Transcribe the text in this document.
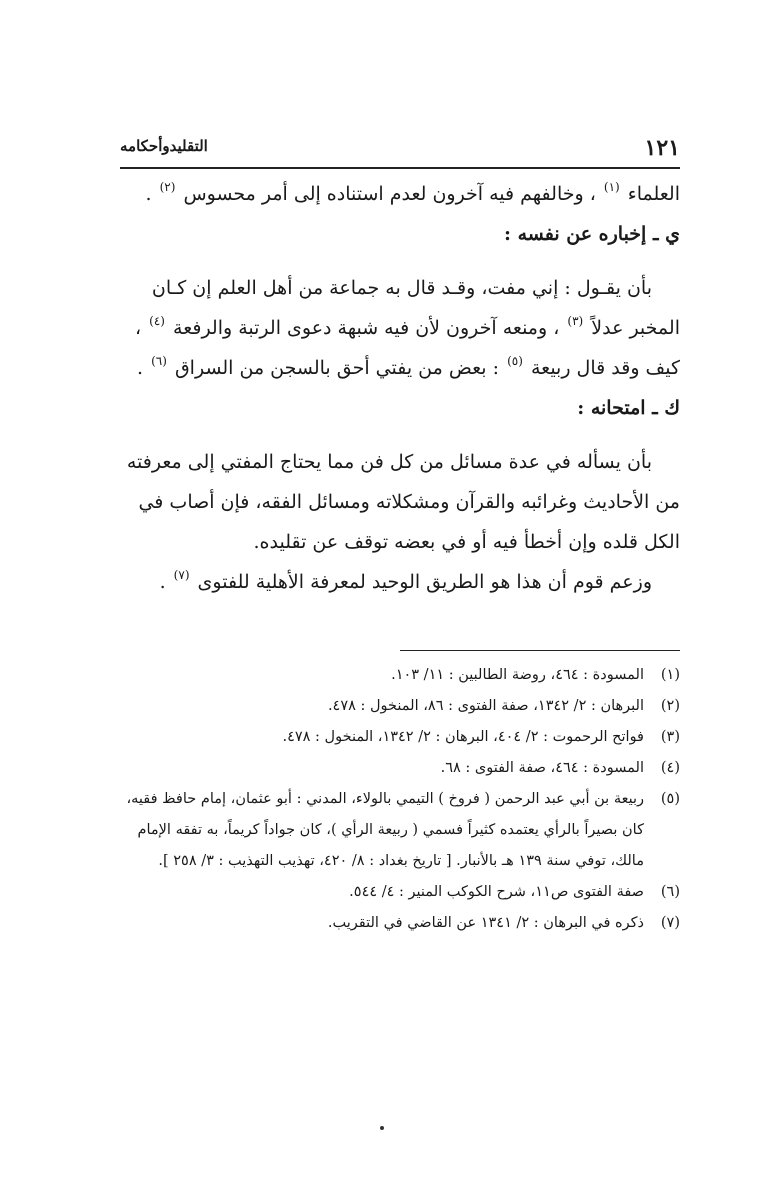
١٢١
التقليدوأحكامه
العلماء $^{(١)}$ ، وخالفهم فيه آخرون لعدم استناده إلى أمر محسوس $^{(٢)}$ .
ي ـ إخباره عن نفسه :
بأن يقـول : إني مفت، وقـد قال به جماعة من أهل العلم إن كـان
المخبر عدلاً $^{(٣)}$ ، ومنعه آخرون لأن فيه شبهة دعوى الرتبة والرفعة $^{(٤)}$ ،
كيف وقد قال ربيعة $^{(٥)}$ : بعض من يفتي أحق بالسجن من السراق $^{(٦)}$ .
ك ـ امتحانه :
بأن يسأله في عدة مسائل من كل فن مما يحتاج المفتي إلى معرفته
من الأحاديث وغرائبه والقرآن ومشكلاته ومسائل الفقه، فإن أصاب في
الكل قلده وإن أخطأ فيه أو في بعضه توقف عن تقليده.
وزعم قوم أن هذا هو الطريق الوحيد لمعرفة الأهلية للفتوى $^{(٧)}$ .
(١)
المسودة : ٤٦٤، روضة الطالبين : ١١/ ١٠٣.
(٢)
البرهان : ٢/ ١٣٤٢، صفة الفتوى : ٨٦، المنخول : ٤٧٨.
(٣)
فواتح الرحموت : ٢/ ٤٠٤، البرهان : ٢/ ١٣٤٢، المنخول : ٤٧٨.
(٤)
المسودة : ٤٦٤، صفة الفتوى : ٦٨.
(٥)
ربيعة بن أبي عبد الرحمن ( فروخ ) التيمي بالولاء، المدني : أبو عثمان، إمام حافظ فقيه، كان بصيراً بالرأي يعتمده كثيراً فسمي ( ربيعة الرأي )، كان جواداً كريماً، به تفقه الإمام مالك، توفي سنة ١٣٩ هـ بالأنبار. [ تاريخ بغداد : ٨/ ٤٢٠، تهذيب التهذيب : ٣/ ٢٥٨ ].
(٦)
صفة الفتوى ص١١، شرح الكوكب المنير : ٤/ ٥٤٤.
(٧)
ذكره في البرهان : ٢/ ١٣٤١ عن القاضي في التقريب.
